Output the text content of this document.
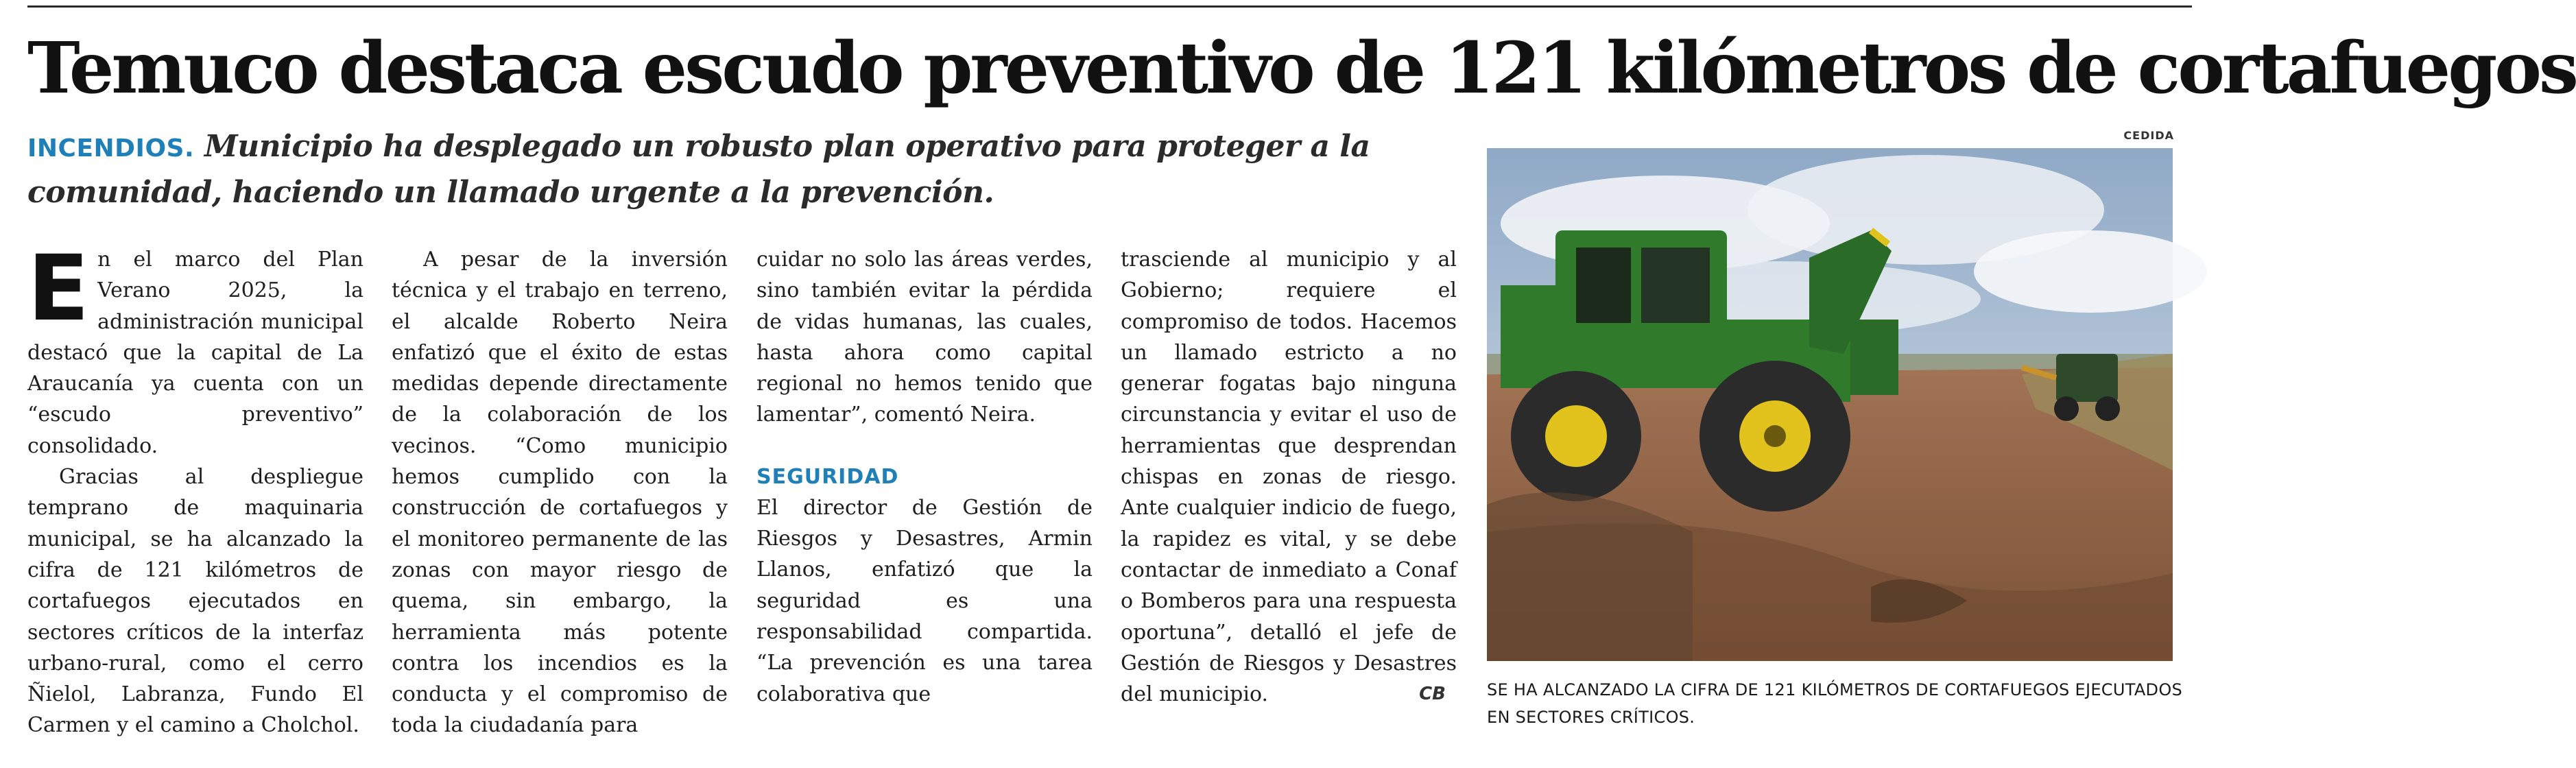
Temuco destaca escudo preventivo de 121 kilómetros de cortafuegos
INCENDIOS. Municipio ha desplegado un robusto plan operativo para proteger a la comunidad, haciendo un llamado urgente a la prevención.
E n el marco del Plan Verano 2025, la administración municipal destacó que la capital de La Araucanía ya cuenta con un “escudo preventivo” consolidado.

Gracias al despliegue temprano de maquinaria municipal, se ha alcanzado la cifra de 121 kilómetros de cortafuegos ejecutados en sectores críticos de la interfaz urbano-rural, como el cerro Ñielol, Labranza, Fundo El Carmen y el camino a Cholchol.

A pesar de la inversión técnica y el trabajo en terreno, el alcalde Roberto Neira enfatizó que el éxito de estas medidas depende directamente de la colaboración de los vecinos. “Como municipio hemos cumplido con la construcción de cortafuegos y el monitoreo permanente de las zonas con mayor riesgo de quema, sin embargo, la herramienta más potente contra los incendios es la conducta y el compromiso de toda la ciudadanía para

cuidar no solo las áreas verdes, sino también evitar la pérdida de vidas humanas, las cuales, hasta ahora como capital regional no hemos tenido que lamentar”, comentó Neira.

SEGURIDAD

El director de Gestión de Riesgos y Desastres, Armin Llanos, enfatizó que la seguridad es una responsabilidad compartida. “La prevención es una tarea colaborativa que

trasciende al municipio y al Gobierno; requiere el compromiso de todos. Hacemos un llamado estricto a no generar fogatas bajo ninguna circunstancia y evitar el uso de herramientas que desprendan chispas en zonas de riesgo. Ante cualquier indicio de fuego, la rapidez es vital, y se debe contactar de inmediato a Conaf o Bomberos para una respuesta oportuna”, detalló el jefe de Gestión de Riesgos y Desastres del municipio.	CB

CEDIDA
SE HA ALCANZADO LA CIFRA DE 121 KILÓMETROS DE CORTAFUEGOS EJECUTADOS EN SECTORES CRÍTICOS.
